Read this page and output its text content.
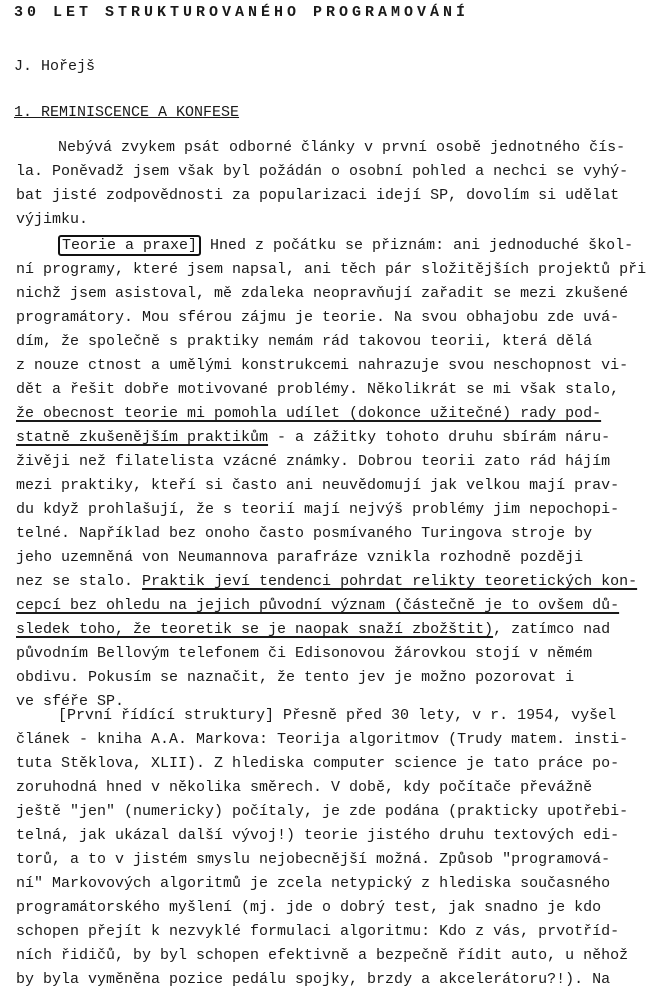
30 LET STRUKTUROVANÉHO PROGRAMOVÁNÍ
J. Hořejš
1. REMINISCENCE A KONFESE
Nebývá zvykem psát odborné články v první osobě jednotného čís-
la. Poněvadž jsem však byl požádán o osobní pohled a nechci se vyhý-
bat jisté zodpovědnosti za popularizaci idejí SP, dovolím si udělat
výjimku.
Teorie a praxe] Hned z počátku se přiznám: ani jednoduché škol-
ní programy, které jsem napsal, ani těch pár složitějších projektů při
nichž jsem asistoval, mě zdaleka neopravňují zařadit se mezi zkušené
programátory. Mou sférou zájmu je teorie. Na svou obhajobu zde uvá-
dím, že společně s praktiky nemám rád takovou teorii, která dělá
z nouze ctnost a umělými konstrukcemi nahrazuje svou neschopnost vi-
dět a řešit dobře motivované problémy. Několikrát se mi však stalo,
že obecnost teorie mi pomohla udílet (dokonce užitečné) rady pod-
statně zkušenějším praktikům - a zážitky tohoto druhu sbírám náru-
živěji než filatelista vzácné známky. Dobrou teorii zato rád hájím
mezi praktiky, kteří si často ani neuvědomují jak velkou mají prav-
du když prohlašují, že s teorií mají nejvýš problémy jim nepochopi-
telné. Například bez onoho často posmívaného Turingova stroje by
jeho uzemněná von Neumannova parafráze vznikla rozhodně později
nez se stalo. Praktik jeví tendenci pohrdat relikty teoretických kon-
cepcí bez ohledu na jejich původní význam (částečně je to ovšem dů-
sledek toho, že teoretik se je naopak snaží zbožštit), zatímco nad
původním Bellovým telefonem či Edisonovou žárovkou stojí v němém
obdivu. Pokusím se naznačit, že tento jev je možno pozorovat i
ve sféře SP.
[První řídící struktury] Přesně před 30 lety, v r. 1954, vyšel
článek - kniha A.A. Markova: Teorija algoritmov (Trudy matem. insti-
tuta Stěklova, XLII). Z hlediska computer science je tato práce po-
zoruhodná hned v několika směrech. V době, kdy počítače převážně
ještě "jen" (numericky) počítaly, je zde podána (prakticky upotřebi-
telná, jak ukázal další vývoj!) teorie jistého druhu textových edi-
torů, a to v jistém smyslu nejobecnější možná. Způsob "programová-
ní" Markovových algoritmů je zcela netypický z hlediska současného
programátorského myšlení (mj. jde o dobrý test, jak snadno je kdo
schopen přejít k nezvyklé formulaci algoritmu: Kdo z vás, prvotříd-
ních řidičů, by byl schopen efektivně a bezpečně řídit auto, u něhož
by byla vyměněna pozice pedálu spojky, brzdy a akcelerátoru?!). Na
